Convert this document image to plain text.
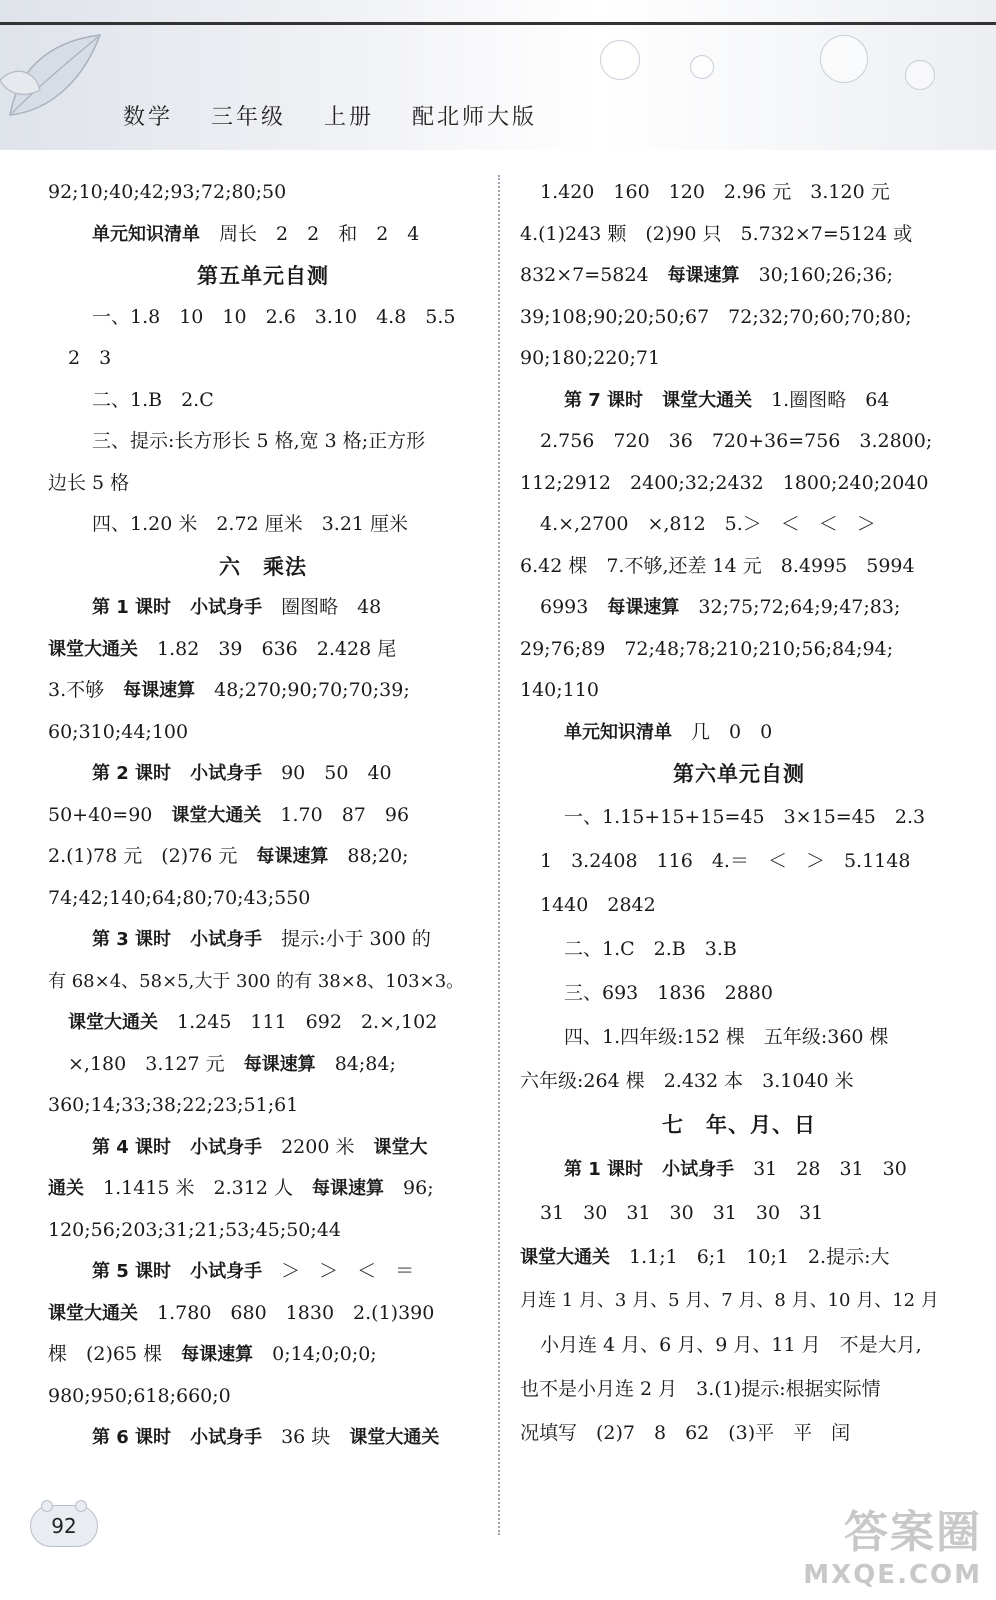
数学 三年级 上册 配北师大版
92;10;40;42;93;72;80;50
单元知识清单　 周长　2　2　和　2　4
第五单元自测
一、1.8　10　10　2.6　3.10　4.8　5.5
2　3
二、1.B　2.C
三、提示:长方形长 5 格,宽 3 格;正方形
边长 5 格
四、1.20 米　2.72 厘米　3.21 厘米
六　乘法
第 1 课时　 小试身手　 圈图略　48
课堂大通关　 1.82　39　636　2.428 尾
3.不够　 每课速算　 48;270;90;70;70;39;
60;310;44;100
第 2 课时　 小试身手　 90　50　40
50+40=90　 课堂大通关　 1.70　87　96
2.(1)78 元　(2)76 元　 每课速算　 88;20;
74;42;140;64;80;70;43;550
第 3 课时　 小试身手　 提示:小于 300 的
有 68×4、58×5,大于 300 的有 38×8、103×3。
课堂大通关　 1.245　111　692　2.×,102
×,180　3.127 元　 每课速算　 84;84;
360;14;33;38;22;23;51;61
第 4 课时　 小试身手　 2200 米　 课堂大
通关　 1.1415 米　2.312 人　 每课速算　 96;
120;56;203;31;21;53;45;50;44
第 5 课时　 小试身手　 ＞　＞　＜　＝
课堂大通关　 1.780　680　1830　2.(1)390
棵　(2)65 棵　 每课速算　 0;14;0;0;0;
980;950;618;660;0
第 6 课时　 小试身手　 36 块　 课堂大通关
1.420　160　120　2.96 元　3.120 元
4.(1)243 颗　(2)90 只　5.732×7=5124 或
832×7=5824　 每课速算　 30;160;26;36;
39;108;90;20;50;67　72;32;70;60;70;80;
90;180;220;71
第 7 课时　 课堂大通关　 1.圈图略　64
2.756　720　36　720+36=756　3.2800;
112;2912　2400;32;2432　1800;240;2040
4.×,2700　×,812　5.＞　＜　＜　＞
6.42 棵　7.不够,还差 14 元　8.4995　5994
6993　 每课速算　 32;75;72;64;9;47;83;
29;76;89　72;48;78;210;210;56;84;94;
140;110
单元知识清单　 几　0　0
第六单元自测
一、1.15+15+15=45　3×15=45　2.3
1　3.2408　116　4.＝　＜　＞　5.1148
1440　2842
二、1.C　2.B　3.B
三、693　1836　2880
四、1.四年级:152 棵　五年级:360 棵
六年级:264 棵　2.432 本　3.1040 米
七　年、月、日
第 1 课时　 小试身手　 31　28　31　30
31　30　31　30　31　30　31
课堂大通关　 1.1;1　6;1　10;1　2.提示:大
月连 1 月、3 月、5 月、7 月、8 月、10 月、12 月
小月连 4 月、6 月、9 月、11 月　不是大月,
也不是小月连 2 月　3.(1)提示:根据实际情
况填写　(2)7　8　62　(3)平　平　闰
92	答案圈
MXQE.COM
